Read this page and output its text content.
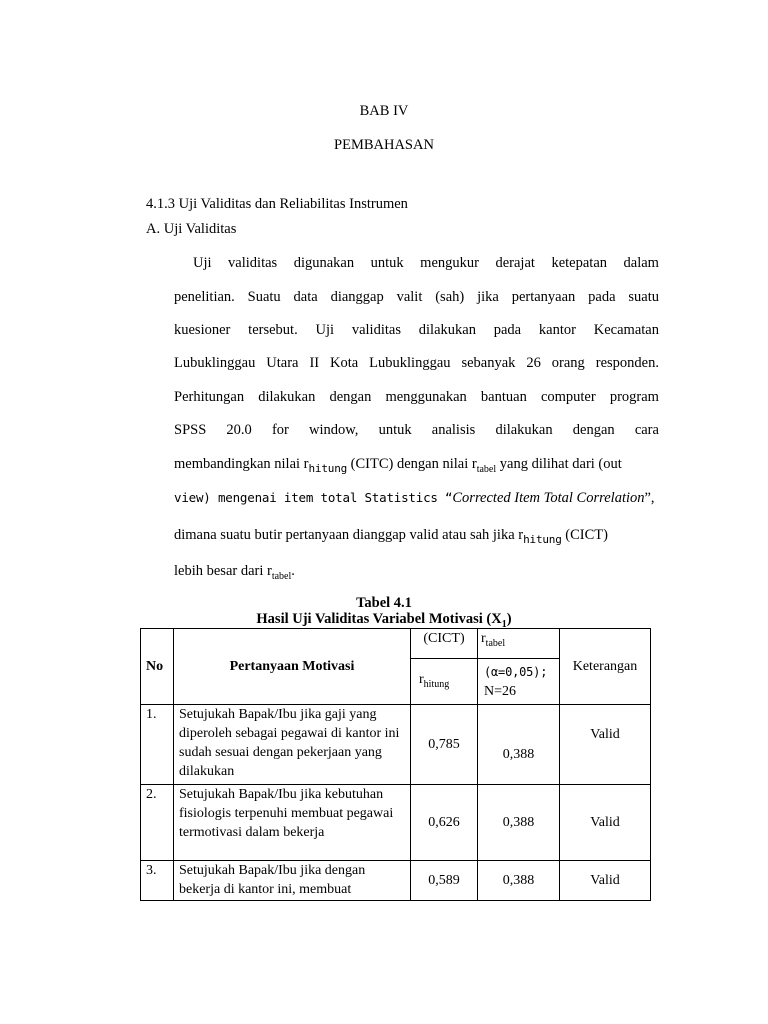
BAB IV
PEMBAHASAN
4.1.3 Uji Validitas dan Reliabilitas Instrumen
A. Uji Validitas
Uji validitas digunakan untuk mengukur derajat ketepatan dalam
penelitian. Suatu data dianggap valit (sah) jika pertanyaan pada suatu
kuesioner tersebut. Uji validitas dilakukan pada kantor Kecamatan
Lubuklinggau Utara II Kota Lubuklinggau sebanyak 26 orang responden.
Perhitungan dilakukan dengan menggunakan bantuan computer program
SPSS 20.0 for window, untuk analisis dilakukan dengan cara
membandingkan nilai $r_{hitung}$ (CITC) dengan nilai $r_{tabel}$ yang dilihat dari (out
view) mengenai item total Statistics “Corrected Item Total Correlation”,
dimana suatu butir pertanyaan dianggap valid atau sah jika $r_{hitung}$ (CICT)
lebih besar dari $r_{tabel}$.
Tabel 4.1
Hasil Uji Validitas Variabel Motivasi $(X_1)$
No	Pertanyaan Motivasi	(CICT)	$r_{tabel}$	Keterangan
		$r_{hitung}$	(α=0,05);
N=26	
1.	Setujukah Bapak/Ibu jika gaji yang diperoleh sebagai pegawai di kantor ini sudah sesuai dengan pekerjaan yang dilakukan	0,785	0,388	Valid
2.	Setujukah Bapak/Ibu jika kebutuhan fisiologis terpenuhi membuat pegawai termotivasi dalam bekerja	0,626	0,388	Valid
3.	Setujukah Bapak/Ibu jika dengan bekerja di kantor ini, membuat	0,589	0,388	Valid
